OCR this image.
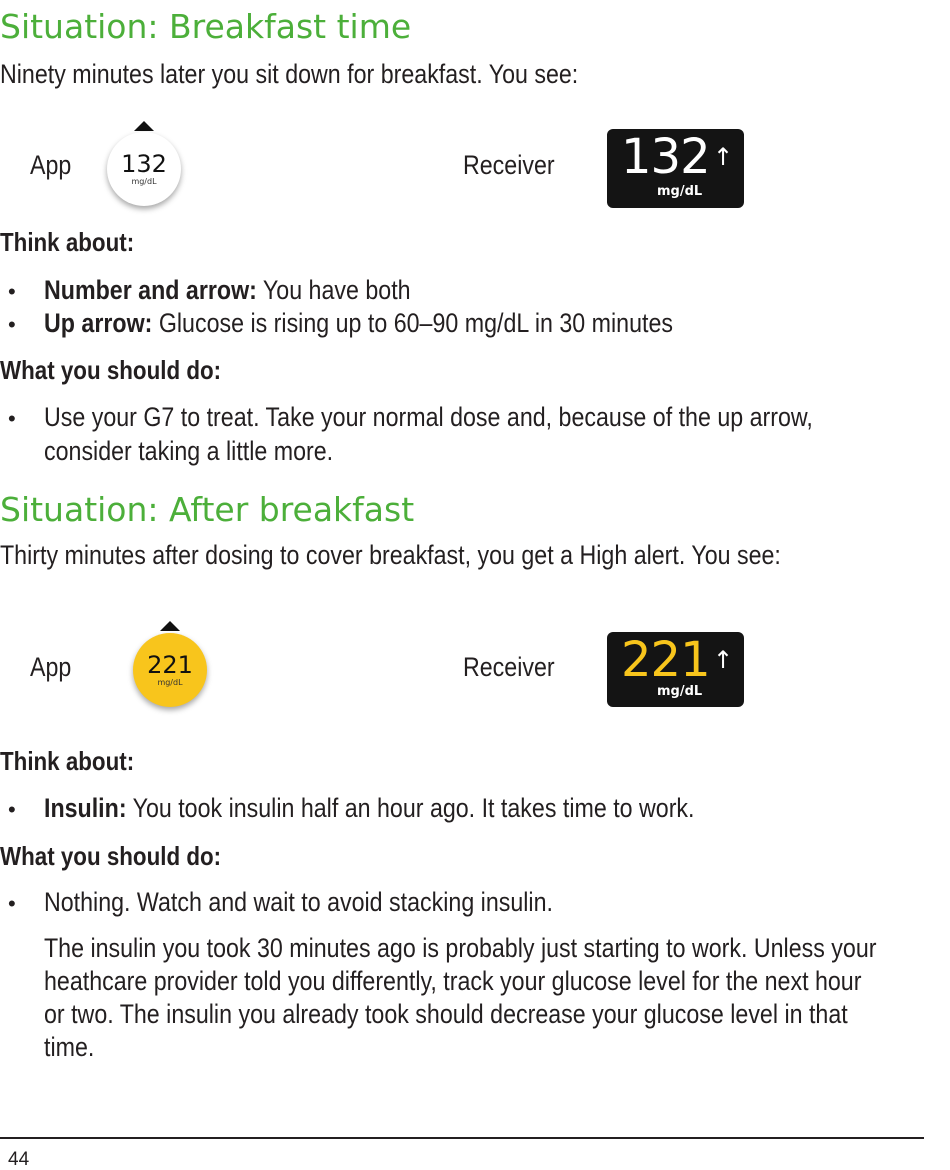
Situation: Breakfast time
Ninety minutes later you sit down for breakfast. You see:
App 132
mg/dL
Receiver	132 ↑
mg/dL
Think about:
• Number and arrow: You have both
• Up arrow: Glucose is rising up to 60–90 mg/dL in 30 minutes
What you should do:
• Use your G7 to treat. Take your normal dose and, because of the up arrow,
consider taking a little more.
Situation: After breakfast
Thirty minutes after dosing to cover breakfast, you get a High alert. You see:
App	221
mg/dL
Receiver	221 ↑
mg/dL
Think about:
• Insulin: You took insulin half an hour ago. It takes time to work.
What you should do:
• Nothing. Watch and wait to avoid stacking insulin.
The insulin you took 30 minutes ago is probably just starting to work. Unless your
heathcare provider told you differently, track your glucose level for the next hour
or two. The insulin you already took should decrease your glucose level in that
time.
44
